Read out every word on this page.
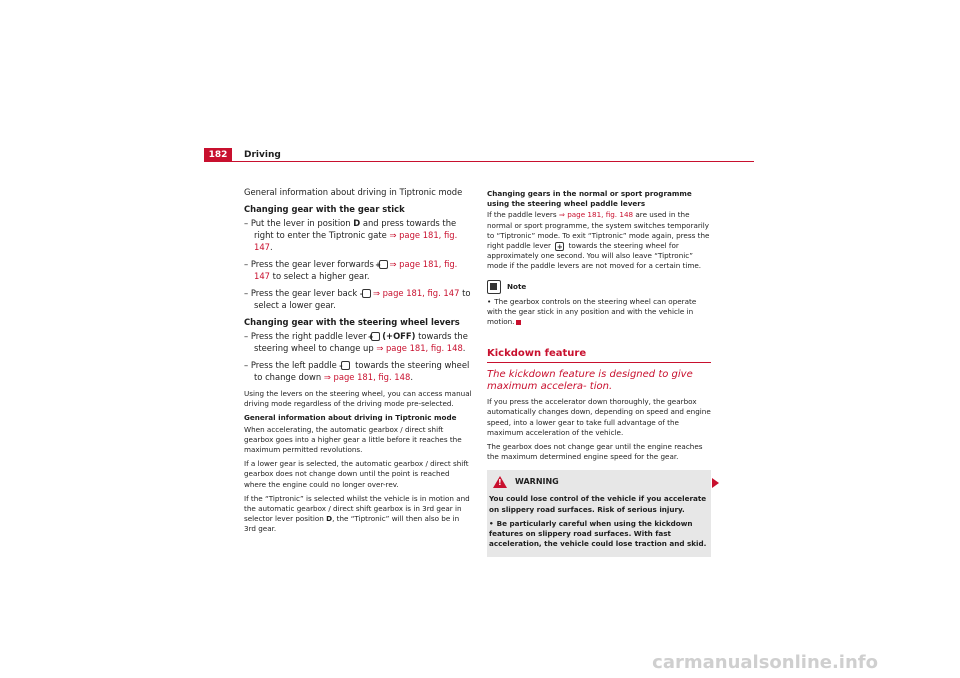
182	Driving

General information about driving in Tiptronic mode

Changing gear with the gear stick

– Put the lever in position D and press towards the right to enter the Tiptronic gate ⇒ page 181, fig. 147.

– Press the gear lever forwards + ⇒ page 181, fig. 147 to select a higher gear.

– Press the gear lever back – ⇒ page 181, fig. 147 to select a lower gear.

Changing gear with the steering wheel levers

– Press the right paddle lever + (+OFF) towards the steering wheel to change up ⇒ page 181, fig. 148.

– Press the left paddle – towards the steering wheel to change down ⇒ page 181, fig. 148.

Using the levers on the steering wheel, you can access manual driving mode regardless of the driving mode pre-selected.

General information about driving in Tiptronic mode

When accelerating, the automatic gearbox / direct shift gearbox goes into a higher gear a little before it reaches the maximum permitted revolutions.

If a lower gear is selected, the automatic gearbox / direct shift gearbox does not change down until the point is reached where the engine could no longer over-rev.

If the “Tiptronic” is selected whilst the vehicle is in motion and the automatic gearbox / direct shift gearbox is in 3rd gear in selector lever position D, the “Tiptronic” will then also be in 3rd gear.

Changing gears in the normal or sport programme using the steering wheel paddle levers

If the paddle levers ⇒ page 181, fig. 148 are used in the normal or sport programme, the system switches temporarily to “Tiptronic” mode. To exit “Tiptronic” mode again, press the right paddle lever + towards the steering wheel for approximately one second. You will also leave “Tiptronic” mode if the paddle levers are not moved for a certain time.

Note

• The gearbox controls on the steering wheel can operate with the gear stick in any position and with the vehicle in motion.

Kickdown feature
The kickdown feature is designed to give maximum accelera- tion.

If you press the accelerator down thoroughly, the gearbox automatically changes down, depending on speed and engine speed, into a lower gear to take full advantage of the maximum acceleration of the vehicle.

The gearbox does not change gear until the engine reaches the maximum determined engine speed for the gear.

!
WARNING

You could lose control of the vehicle if you accelerate on slippery road surfaces. Risk of serious injury.

• Be particularly careful when using the kickdown features on slippery road surfaces. With fast acceleration, the vehicle could lose traction and skid.

carmanualsonline.info
